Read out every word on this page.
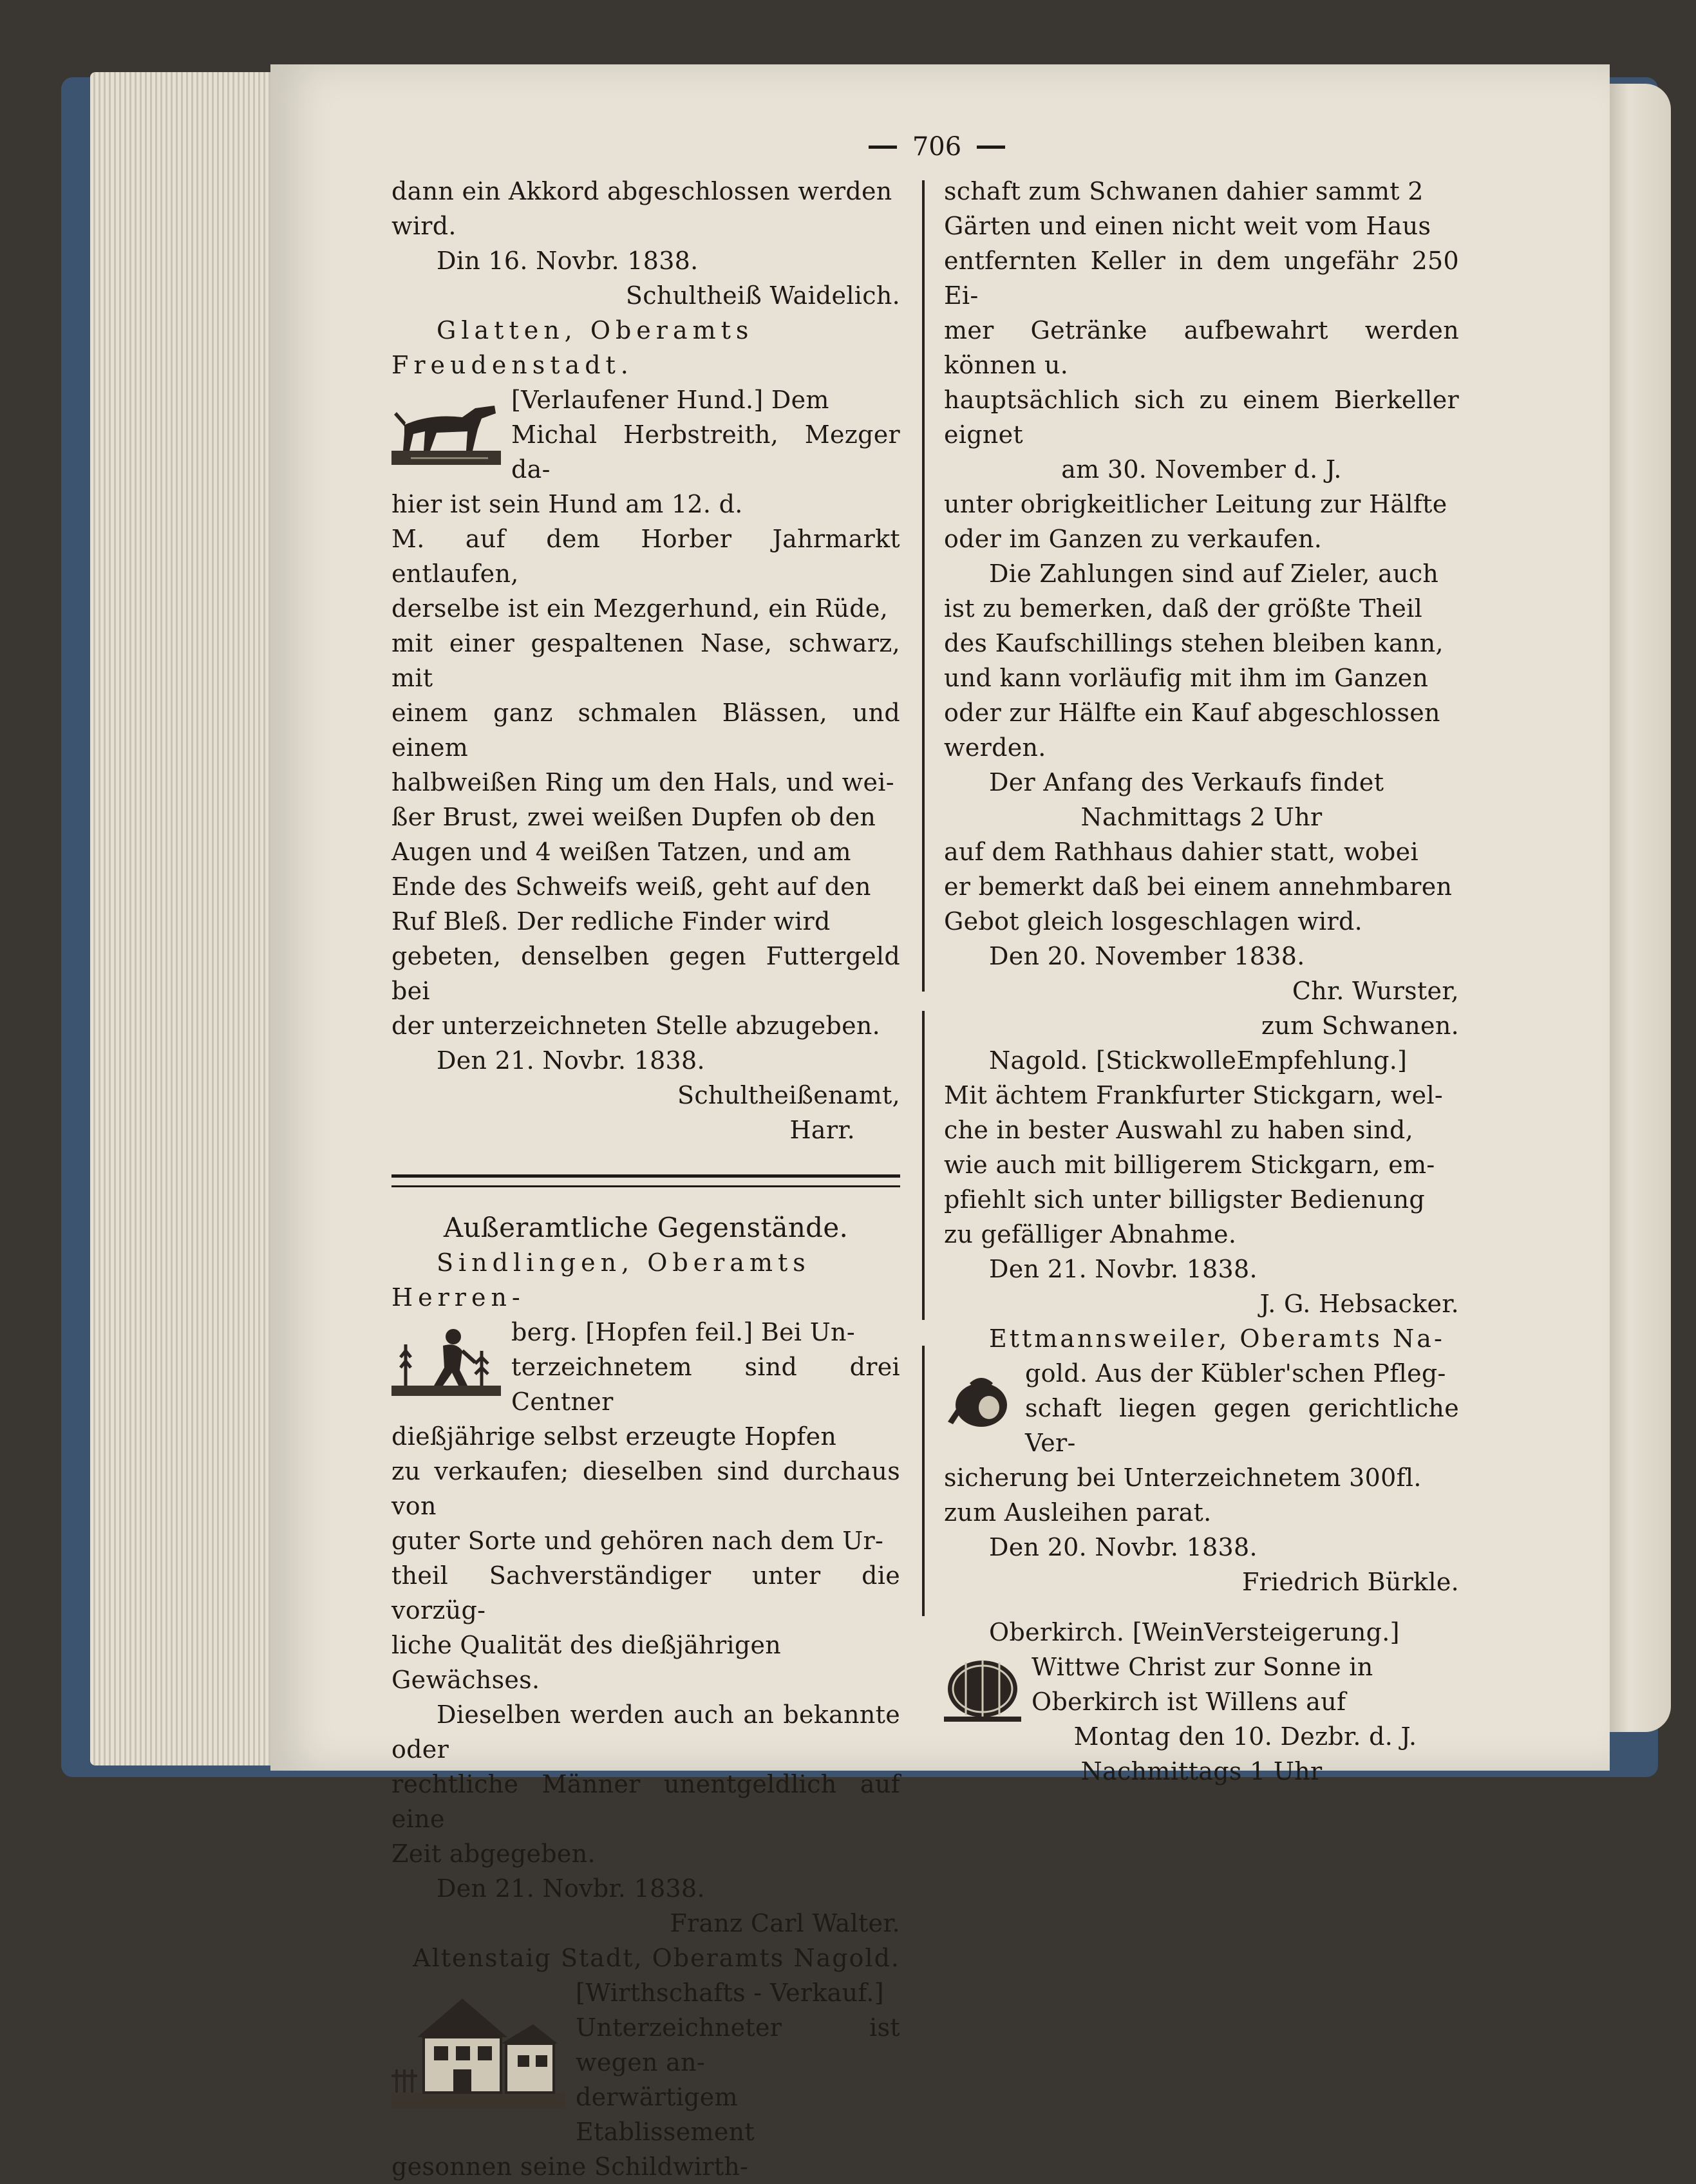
706

dann ein Akkord abgeschlossen werden

wird.

Din 16. Novbr. 1838.

Schultheiß Waidelich.

Glatten, Oberamts Freudenstadt.

[Verlaufener Hund.] Dem

Michal Herbstreith, Mezger da-

hier ist sein Hund am 12. d.

M. auf dem Horber Jahrmarkt entlaufen,

derselbe ist ein Mezgerhund, ein Rüde,

mit einer gespaltenen Nase, schwarz, mit

einem ganz schmalen Blässen, und einem

halbweißen Ring um den Hals, und wei-

ßer Brust, zwei weißen Dupfen ob den

Augen und 4 weißen Tatzen, und am

Ende des Schweifs weiß, geht auf den

Ruf Bleß. Der redliche Finder wird

gebeten, denselben gegen Futtergeld bei

der unterzeichneten Stelle abzugeben.

Den 21. Novbr. 1838.

Schultheißenamt,

Harr.

Außeramtliche Gegenstände.

Sindlingen, Oberamts Herren-

berg. [Hopfen feil.] Bei Un-

terzeichnetem sind drei Centner

dießjährige selbst erzeugte Hopfen

zu verkaufen; dieselben sind durchaus von

guter Sorte und gehören nach dem Ur-

theil Sachverständiger unter die vorzüg-

liche Qualität des dießjährigen Gewächses.

Dieselben werden auch an bekannte oder

rechtliche Männer unentgeldlich auf eine

Zeit abgegeben.

Den 21. Novbr. 1838.

Franz Carl Walter.

Altenstaig Stadt, Oberamts Nagold.

[Wirthschafts - Verkauf.]

Unterzeichneter ist wegen an-

derwärtigem Etablissement

gesonnen seine Schildwirth-

schaft zum Schwanen dahier sammt 2

Gärten und einen nicht weit vom Haus

entfernten Keller in dem ungefähr 250 Ei-

mer Getränke aufbewahrt werden können u.

hauptsächlich sich zu einem Bierkeller eignet

am 30. November d. J.

unter obrigkeitlicher Leitung zur Hälfte

oder im Ganzen zu verkaufen.

Die Zahlungen sind auf Zieler, auch

ist zu bemerken, daß der größte Theil

des Kaufschillings stehen bleiben kann,

und kann vorläufig mit ihm im Ganzen

oder zur Hälfte ein Kauf abgeschlossen

werden.

Der Anfang des Verkaufs findet

Nachmittags 2 Uhr

auf dem Rathhaus dahier statt, wobei

er bemerkt daß bei einem annehmbaren

Gebot gleich losgeschlagen wird.

Den 20. November 1838.

Chr. Wurster,

zum Schwanen.

Nagold. [StickwolleEmpfehlung.]

Mit ächtem Frankfurter Stickgarn, wel-

che in bester Auswahl zu haben sind,

wie auch mit billigerem Stickgarn, em-

pfiehlt sich unter billigster Bedienung

zu gefälliger Abnahme.

Den 21. Novbr. 1838.

J. G. Hebsacker.

Ettmannsweiler, Oberamts Na-

gold. Aus der Kübler'schen Pfleg-

schaft liegen gegen gerichtliche Ver-

sicherung bei Unterzeichnetem 300fl.

zum Ausleihen parat.

Den 20. Novbr. 1838.

Friedrich Bürkle.

Oberkirch. [WeinVersteigerung.]

Wittwe Christ zur Sonne in

Oberkirch ist Willens auf

Montag den 10. Dezbr. d. J.

Nachmittags 1 Uhr
